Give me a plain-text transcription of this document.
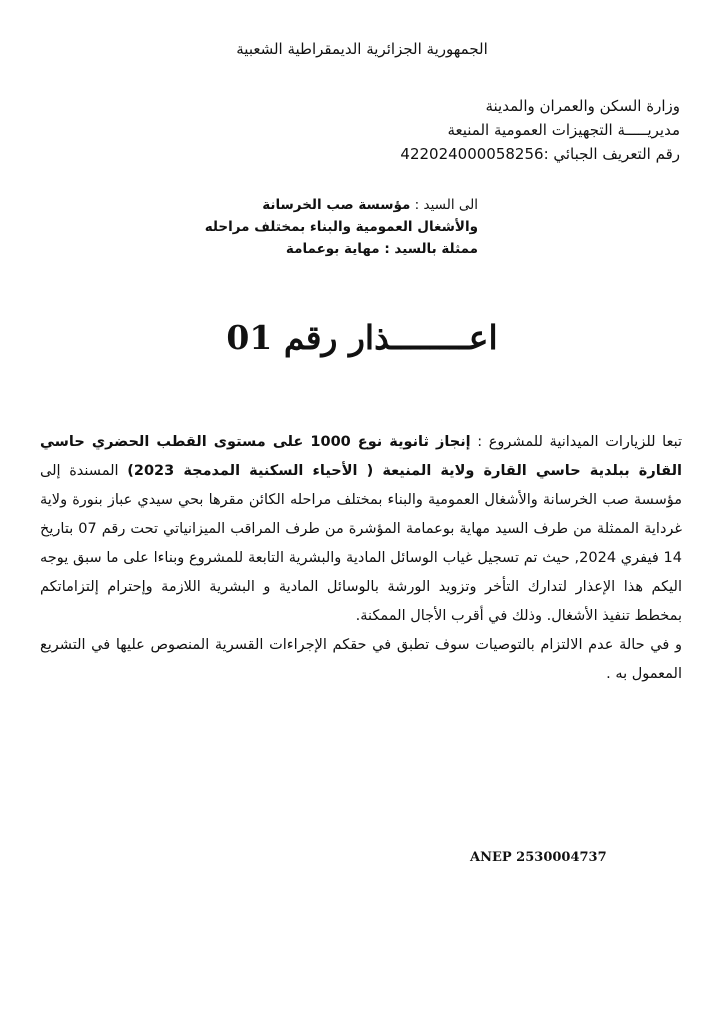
الجمهورية الجزائرية الديمقراطية الشعبية
وزارة السكن والعمران والمدينة
مديريـــــة التجهيزات العمومية المنيعة
رقم التعريف الجبائي :422024000058256
الى السيد : مؤسسة صب الخرسانة
والأشغال العمومية والبناء بمختلف مراحله
ممثلة بالسيد : مهاية بوعمامة
اعــــــــذار رقم 01

تبعا للزيارات الميدانية للمشروع : إنجاز ثانوية نوع 1000 على مستوى القطب الحضري حاسي القارة ببلدية حاسي القارة ولاية المنيعة ( الأحياء السكنية المدمجة 2023) المسندة إلى مؤسسة صب الخرسانة والأشغال العمومية والبناء بمختلف مراحله الكائن مقرها بحي سيدي عباز بنورة ولاية غرداية الممثلة من طرف السيد مهاية بوعمامة المؤشرة من طرف المراقب الميزانياتي تحت رقم 07 بتاريخ 14 فيفري 2024, حيث تم تسجيل غياب الوسائل المادية والبشرية التابعة للمشروع وبناءا على ما سبق يوجه اليكم هذا الإعذار لتدارك التأخر وتزويد الورشة بالوسائل المادية و البشرية اللازمة وإحترام إلتزاماتكم بمخطط تنفيذ الأشغال. وذلك في أقرب الأجال الممكنة.

و في حالة عدم الالتزام بالتوصيات سوف تطبق في حقكم الإجراءات القسرية المنصوص عليها في التشريع المعمول به .

ANEP 2530004737
